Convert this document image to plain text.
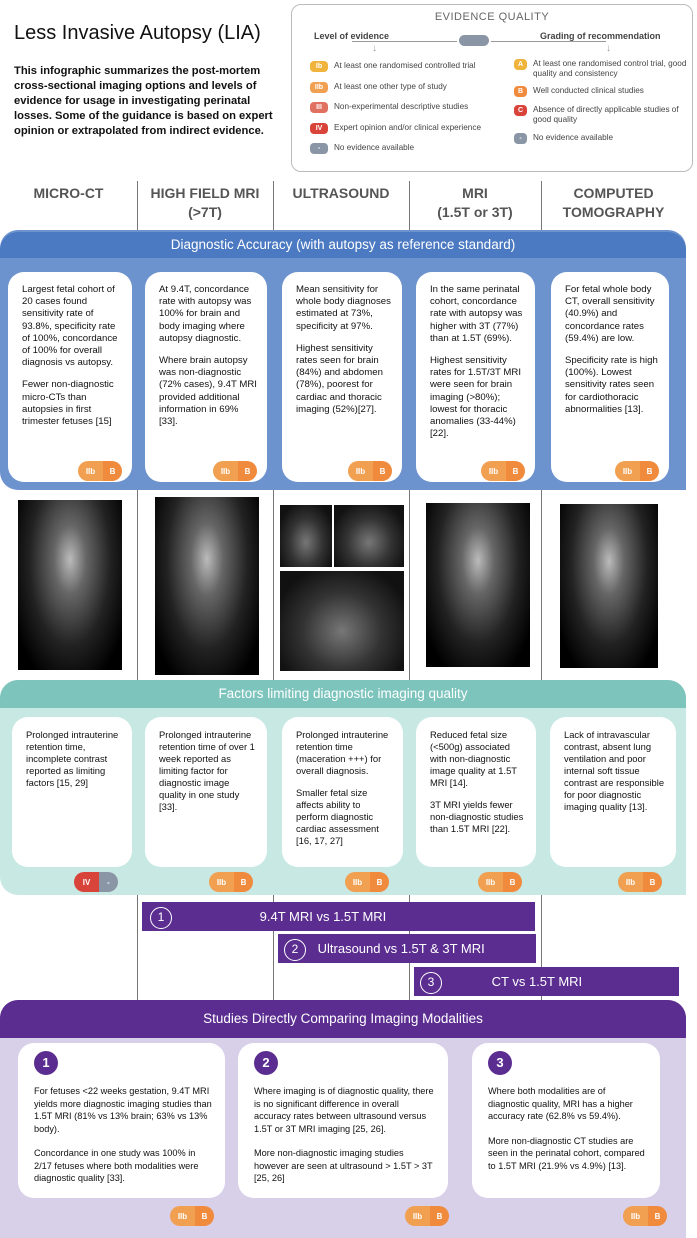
Less Invasive Autopsy (LIA)
This infographic summarizes the post-mortem cross-sectional imaging options and levels of evidence for usage in investigating perinatal losses. Some of the guidance is based on expert opinion or extrapolated from indirect evidence.
EVIDENCE QUALITY
Level of evidence	Grading of recommendation
↓	↓
Ib	At least one randomised controlled trial
IIb	At least one other type of study
III	Non-experimental descriptive studies
IV	Expert opinion and/or clinical experience
-	No evidence available
A	At least one randomised control trial, good quality and consistency
B	Well conducted clinical studies
C	Absence of directly applicable studies of good quality
-	No evidence available
MICRO-CT	HIGH FIELD MRI
(>7T)
ULTRASOUND	MRI
(1.5T or 3T)
COMPUTED
TOMOGRAPHY
Diagnostic Accuracy (with autopsy as reference standard)

Largest fetal cohort of 20 cases found sensitivity rate of 93.8%, specificity rate of 100%, concordance of 100% for overall diagnosis vs autopsy.

Fewer non-diagnostic micro-CTs than autopsies in first trimester fetuses [15]

IIb	B

At 9.4T, concordance rate with autopsy was 100% for brain and body imaging where autopsy diagnostic.

Where brain autopsy was non-diagnostic (72% cases), 9.4T MRI provided additional information in 69% [33].

IIb	B

Mean sensitivity for whole body diagnoses estimated at 73%, specificity at 97%.

Highest sensitivity rates seen for brain (84%) and abdomen (78%), poorest for cardiac and thoracic imaging (52%)[27].

IIb	B

In the same perinatal cohort, concordance rate with autopsy was higher with 3T (77%) than at 1.5T (69%).

Highest sensitivity rates for 1.5T/3T MRI were seen for brain imaging (>80%); lowest for thoracic anomalies (33-44%)[22].

IIb	B

For fetal whole body CT, overall sensitivity (40.9%) and concordance rates (59.4%) are low.

Specificity rate is high (100%). Lowest sensitivity rates seen for cardiothoracic abnormalities [13].

IIb	B
Factors limiting diagnostic imaging quality

Prolonged intrauterine retention time, incomplete contrast reported as limiting factors [15, 29]

IV	-

Prolonged intrauterine retention time of over 1 week reported as limiting factor for diagnostic image quality in one study [33].

IIb	B

Prolonged intrauterine retention time (maceration +++) for overall diagnosis.

Smaller fetal size affects ability to perform diagnostic cardiac assessment [16, 17, 27]

IIb	B

Reduced fetal size (<500g) associated with non-diagnostic image quality at 1.5T MRI [14].

3T MRI yields fewer non-diagnostic studies than 1.5T MRI [22].

IIb	B

Lack of intravascular contrast, absent lung ventilation and poor internal soft tissue contrast are responsible for poor diagnostic imaging quality [13].

IIb	B
1	9.4T MRI vs 1.5T MRI
2 Ultrasound vs 1.5T & 3T MRI
3	CT vs 1.5T MRI
Studies Directly Comparing Imaging Modalities
1

For fetuses <22 weeks gestation, 9.4T MRI yields more diagnostic imaging studies than 1.5T MRI (81% vs 13% brain; 63% vs 13% body).

Concordance in one study was 100% in 2/17 fetuses where both modalities were diagnostic quality [33].

IIb	B
2

Where imaging is of diagnostic quality, there is no significant difference in overall accuracy rates between ultrasound versus 1.5T or 3T MRI imaging [25, 26].

More non-diagnostic imaging studies however are seen at ultrasound > 1.5T > 3T [25, 26]

IIb	B
3

Where both modalities are of diagnostic quality, MRI has a higher accuracy rate (62.8% vs 59.4%).

More non-diagnostic CT studies are seen in the perinatal cohort, compared to 1.5T MRI (21.9% vs 4.9%) [13].

IIb	B
